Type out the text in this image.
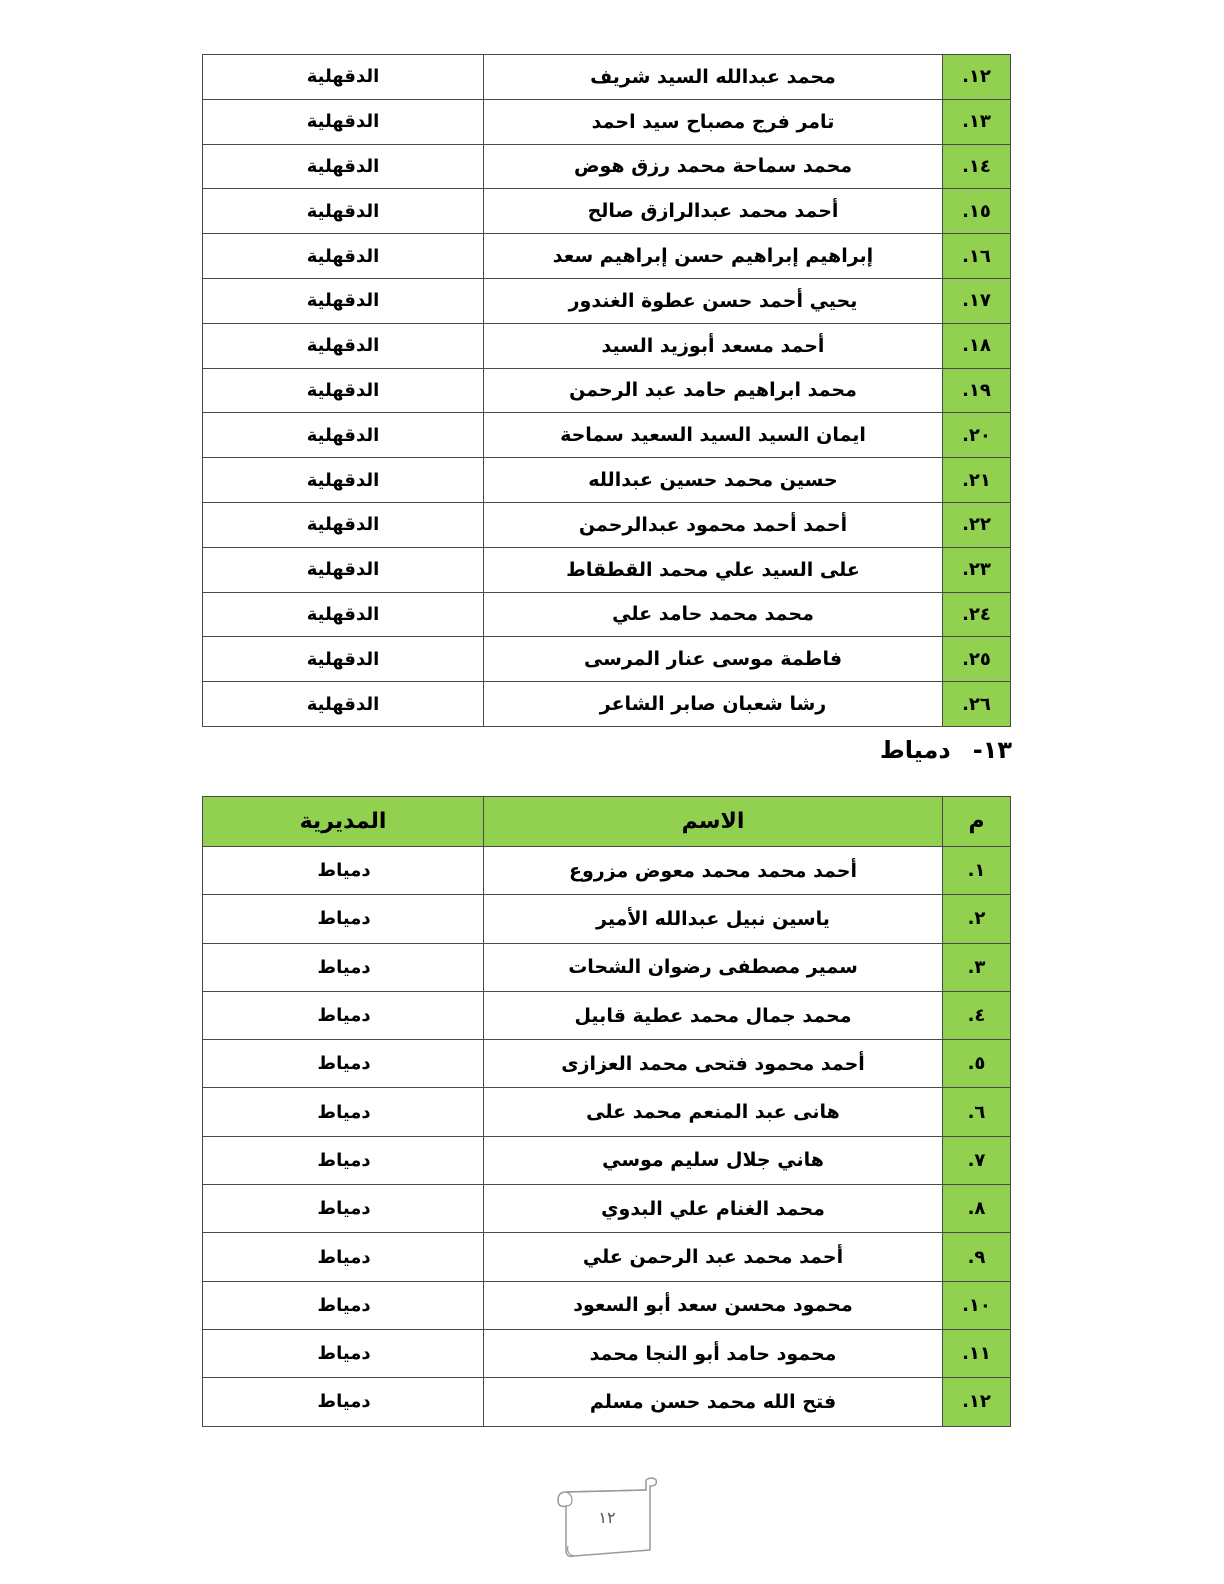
١٢.	محمد عبدالله السيد شريف	الدقهلية
١٣.	تامر فرج مصباح سيد احمد	الدقهلية
١٤.	محمد سماحة محمد رزق هوض	الدقهلية
١٥.	أحمد محمد عبدالرازق صالح	الدقهلية
١٦.	إبراهيم إبراهيم حسن إبراهيم سعد	الدقهلية
١٧.	يحيي أحمد حسن عطوة الغندور	الدقهلية
١٨.	أحمد مسعد أبوزيد السيد	الدقهلية
١٩.	محمد ابراهيم حامد عبد الرحمن	الدقهلية
٢٠.	ايمان السيد السيد السعيد سماحة	الدقهلية
٢١.	حسين محمد حسين عبدالله	الدقهلية
٢٢.	أحمد أحمد محمود عبدالرحمن	الدقهلية
٢٣.	على السيد علي محمد القطقاط	الدقهلية
٢٤.	محمد محمد حامد علي	الدقهلية
٢٥.	فاطمة موسى عنار المرسى	الدقهلية
٢٦.	رشا شعبان صابر الشاعر	الدقهلية
١٣-
دمياط
م	الاسم	المديرية
١.	أحمد محمد محمد معوض مزروع	دمياط
٢.	ياسين نبيل عبدالله الأمير	دمياط
٣.	سمير مصطفى رضوان الشحات	دمياط
٤.	محمد جمال محمد عطية قابيل	دمياط
٥.	أحمد محمود فتحى محمد العزازى	دمياط
٦.	هانى عبد المنعم محمد على	دمياط
٧.	هاني جلال سليم موسي	دمياط
٨.	محمد الغنام علي البدوي	دمياط
٩.	أحمد محمد عبد الرحمن علي	دمياط
١٠.	محمود محسن سعد أبو السعود	دمياط
١١.	محمود حامد أبو النجا محمد	دمياط
١٢.	فتح الله محمد حسن مسلم	دمياط
١٢
